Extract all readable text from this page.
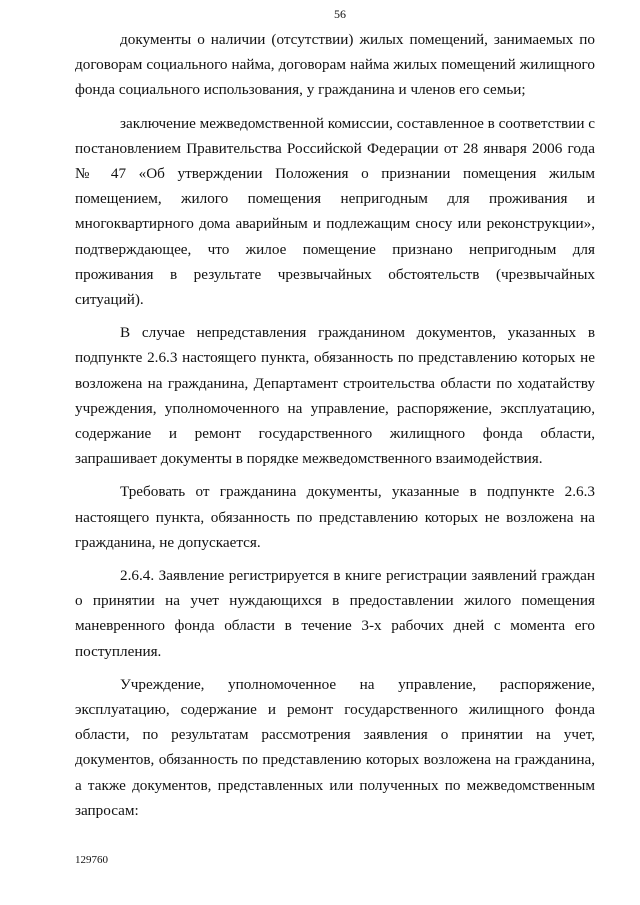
56

документы о наличии (отсутствии) жилых помещений, занимаемых по договорам социального найма, договорам найма жилых помещений жилищного фонда социального использования, у гражданина и членов его семьи;

заключение межведомственной комиссии, составленное в соответствии с постановлением Правительства Российской Федерации от 28 января 2006 года № 47 «Об утверждении Положения о признании помещения жилым помещением, жилого помещения непригодным для проживания и многоквартирного дома аварийным и подлежащим сносу или реконструкции», подтверждающее, что жилое помещение признано непригодным для проживания в результате чрезвычайных обстоятельств (чрезвычайных ситуаций).

В случае непредставления гражданином документов, указанных в подпункте 2.6.3 настоящего пункта, обязанность по представлению которых не возложена на гражданина, Департамент строительства области по ходатайству учреждения, уполномоченного на управление, распоряжение, эксплуатацию, содержание и ремонт государственного жилищного фонда области, запрашивает документы в порядке межведомственного взаимодействия.

Требовать от гражданина документы, указанные в подпункте 2.6.3 настоящего пункта, обязанность по представлению которых не возложена на гражданина, не допускается.

2.6.4. Заявление регистрируется в книге регистрации заявлений граждан о принятии на учет нуждающихся в предоставлении жилого помещения маневренного фонда области в течение 3-х рабочих дней с момента его поступления.

Учреждение, уполномоченное на управление, распоряжение, эксплуатацию, содержание и ремонт государственного жилищного фонда области, по результатам рассмотрения заявления о принятии на учет, документов, обязанность по представлению которых возложена на гражданина, а также документов, представленных или полученных по межведомственным запросам:

129760
